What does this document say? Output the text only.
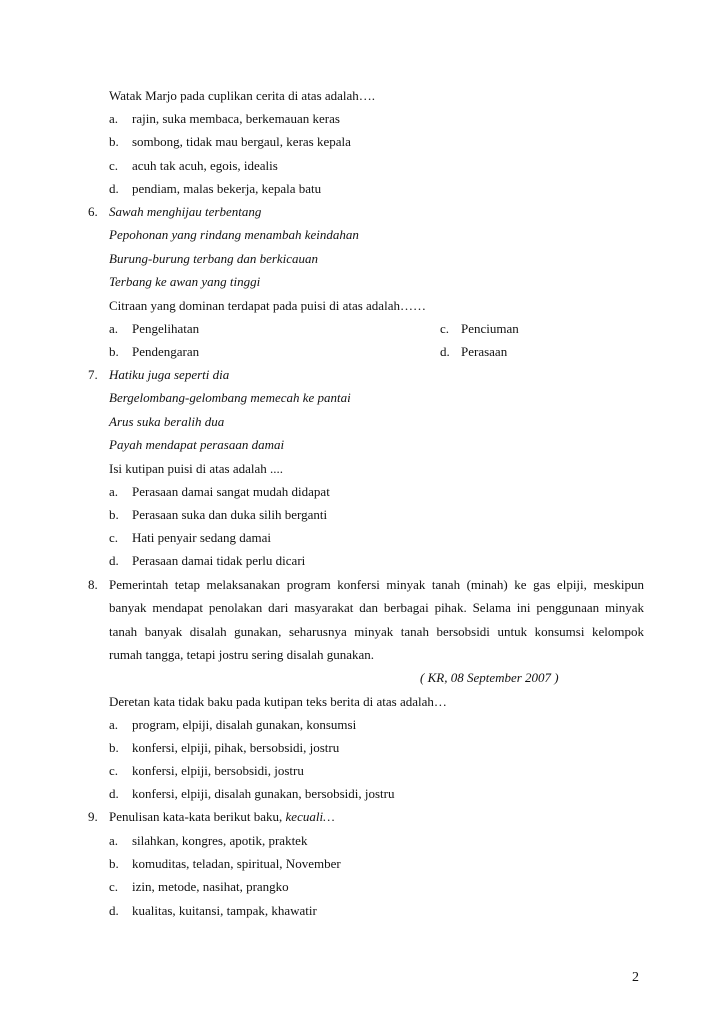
Watak Marjo pada cuplikan cerita di atas adalah….
a. rajin, suka membaca, berkemauan keras
b. sombong, tidak mau bergaul, keras kepala
c. acuh tak acuh, egois, idealis
d. pendiam, malas bekerja, kepala batu
6. Sawah menghijau terbentang
Pepohonan yang rindang menambah keindahan
Burung-burung terbang dan berkicauan
Terbang ke awan yang tinggi
Citraan yang dominan terdapat pada puisi di atas adalah……
a. Pengelihatan	c. Penciuman
b. Pendengaran	d. Perasaan
7. Hatiku juga seperti dia
Bergelombang-gelombang memecah ke pantai
Arus suka beralih dua
Payah mendapat perasaan damai
Isi kutipan puisi di atas adalah ....
a. Perasaan damai sangat mudah didapat
b. Perasaan suka dan duka silih berganti
c. Hati penyair sedang damai
d. Perasaan damai tidak perlu dicari
8. Pemerintah tetap melaksanakan program konfersi minyak tanah (minah) ke gas elpiji, meskipun
banyak mendapat penolakan dari masyarakat dan berbagai pihak. Selama ini penggunaan minyak
tanah banyak disalah gunakan, seharusnya minyak tanah bersobsidi untuk konsumsi kelompok
rumah tangga, tetapi jostru sering disalah gunakan.
( KR, 08 September 2007 )
Deretan kata tidak baku pada kutipan teks berita di atas adalah…
a. program, elpiji, disalah gunakan, konsumsi
b. konfersi, elpiji, pihak, bersobsidi, jostru
c. konfersi, elpiji, bersobsidi, jostru
d. konfersi, elpiji, disalah gunakan, bersobsidi, jostru
9. Penulisan kata-kata berikut baku, kecuali…
a. silahkan, kongres, apotik, praktek
b. komuditas, teladan, spiritual, November
c. izin, metode, nasihat, prangko
d. kualitas, kuitansi, tampak, khawatir
2
